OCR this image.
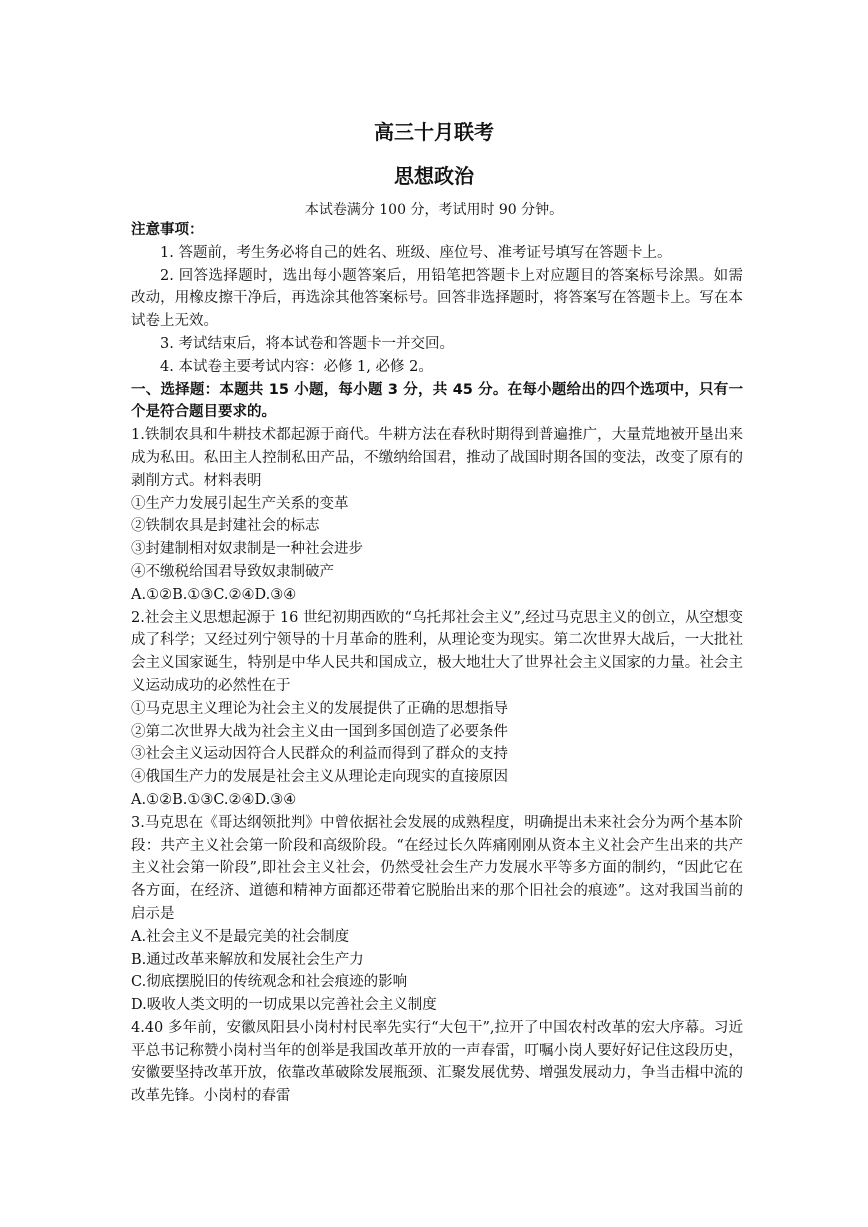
高三十月联考
思想政治
本试卷满分 100 分，考试用时 90 分钟。

注意事项：

1. 答题前，考生务必将自己的姓名、班级、座位号、准考证号填写在答题卡上。

2. 回答选择题时，选出每小题答案后，用铅笔把答题卡上对应题目的答案标号涂黑。如需改动，用橡皮擦干净后，再选涂其他答案标号。回答非选择题时，将答案写在答题卡上。写在本试卷上无效。

3. 考试结束后，将本试卷和答题卡一并交回。

4. 本试卷主要考试内容：必修 1, 必修 2。

一、选择题：本题共 15 小题，每小题 3 分，共 45 分。在每小题给出的四个选项中，只有一个是符合题目要求的。

1.铁制农具和牛耕技术都起源于商代。牛耕方法在春秋时期得到普遍推广，大量荒地被开垦出来成为私田。私田主人控制私田产品，不缴纳给国君，推动了战国时期各国的变法，改变了原有的剥削方式。材料表明

①生产力发展引起生产关系的变革

②铁制农具是封建社会的标志

③封建制相对奴隶制是一种社会进步

④不缴税给国君导致奴隶制破产

A.①②B.①③C.②④D.③④

2.社会主义思想起源于 16 世纪初期西欧的“乌托邦社会主义”,经过马克思主义的创立，从空想变成了科学；又经过列宁领导的十月革命的胜利，从理论变为现实。第二次世界大战后，一大批社会主义国家诞生，特别是中华人民共和国成立，极大地壮大了世界社会主义国家的力量。社会主义运动成功的必然性在于

①马克思主义理论为社会主义的发展提供了正确的思想指导

②第二次世界大战为社会主义由一国到多国创造了必要条件

③社会主义运动因符合人民群众的利益而得到了群众的支持

④俄国生产力的发展是社会主义从理论走向现实的直接原因

A.①②B.①③C.②④D.③④

3.马克思在《哥达纲领批判》中曾依据社会发展的成熟程度，明确提出未来社会分为两个基本阶段：共产主义社会第一阶段和高级阶段。“在经过长久阵痛刚刚从资本主义社会产生出来的共产主义社会第一阶段”,即社会主义社会，仍然受社会生产力发展水平等多方面的制约，“因此它在各方面，在经济、道德和精神方面都还带着它脱胎出来的那个旧社会的痕迹”。这对我国当前的启示是

A.社会主义不是最完美的社会制度

B.通过改革来解放和发展社会生产力

C.彻底摆脱旧的传统观念和社会痕迹的影响

D.吸收人类文明的一切成果以完善社会主义制度

4.40 多年前，安徽凤阳县小岗村村民率先实行“大包干”,拉开了中国农村改革的宏大序幕。习近平总书记称赞小岗村当年的创举是我国改革开放的一声春雷，叮嘱小岗人要好好记住这段历史，安徽要坚持改革开放，依靠改革破除发展瓶颈、汇聚发展优势、增强发展动力，争当击楫中流的改革先锋。小岗村的春雷
